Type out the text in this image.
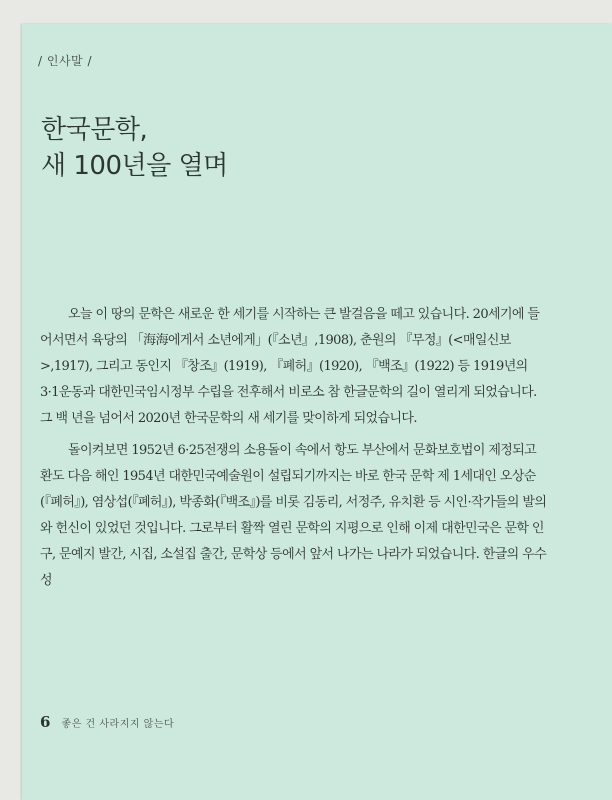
/ 인사말 /
한국문학,
새 100년을 열며

오늘 이 땅의 문학은 새로운 한 세기를 시작하는 큰 발걸음을 떼고 있습니다. 20세기에 들어서면서 육당의 「海海에게서 소년에게」(『소년』,1908), 춘원의 『무정』(<매일신보>,1917), 그리고 동인지 『창조』(1919), 『폐허』(1920), 『백조』(1922) 등 1919년의 3·1운동과 대한민국임시정부 수립을 전후해서 비로소 참 한글문학의 길이 열리게 되었습니다. 그 백 년을 넘어서 2020년 한국문학의 새 세기를 맞이하게 되었습니다.

돌이켜보면 1952년 6·25전쟁의 소용돌이 속에서 항도 부산에서 문화보호법이 제정되고 환도 다음 해인 1954년 대한민국예술원이 설립되기까지는 바로 한국 문학 제 1세대인 오상순(『폐허』), 염상섭(『폐허』), 박종화(『백조』)를 비롯 김동리, 서정주, 유치환 등 시인·작가들의 발의와 헌신이 있었던 것입니다. 그로부터 활짝 열린 문학의 지평으로 인해 이제 대한민국은 문학 인구, 문예지 발간, 시집, 소설집 출간, 문학상 등에서 앞서 나가는 나라가 되었습니다. 한글의 우수성

6 좋은 건 사라지지 않는다
